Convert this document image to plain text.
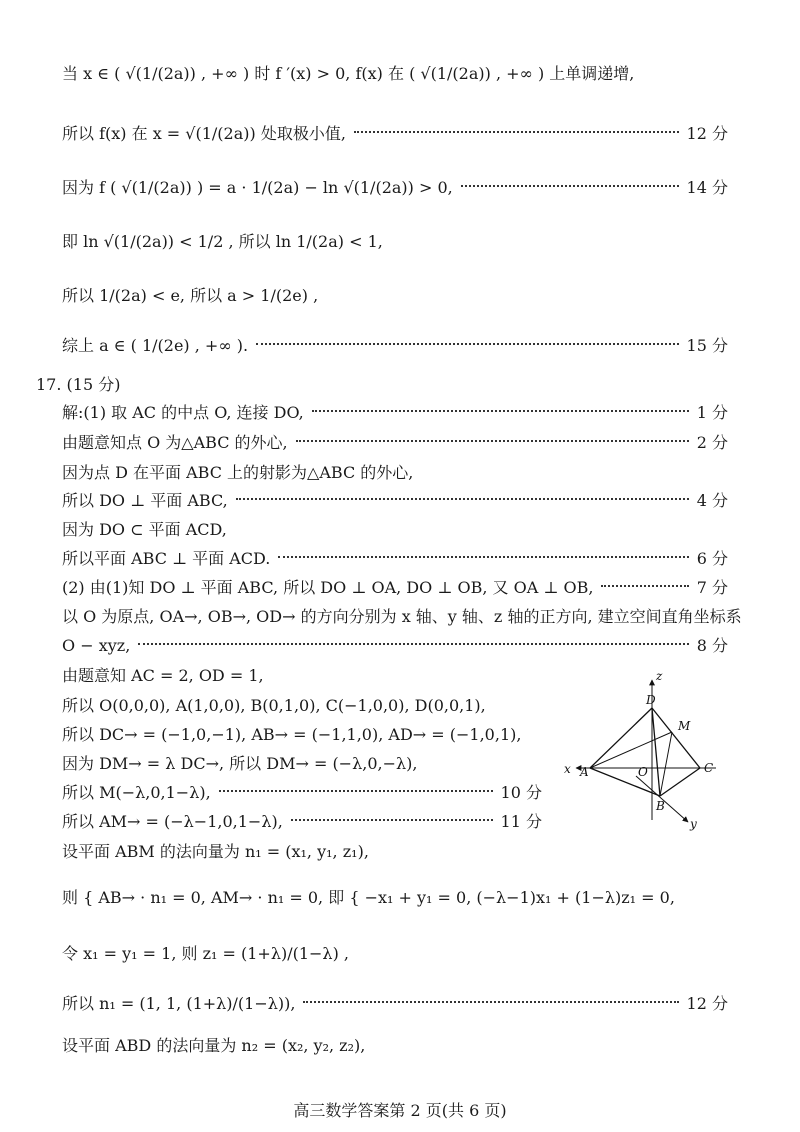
当 x ∈ ( √(1/(2a)) , +∞ ) 时 f ′(x) > 0, f(x) 在 ( √(1/(2a)) , +∞ ) 上单调递增,
所以 f(x) 在 x = √(1/(2a)) 处取极小值,	12 分
因为 f ( √(1/(2a)) ) = a · 1/(2a) − ln √(1/(2a)) > 0,	14 分
即 ln √(1/(2a)) < 1/2 , 所以 ln 1/(2a) < 1,
所以 1/(2a) < e, 所以 a > 1/(2e) ,
综上 a ∈ ( 1/(2e) , +∞ ).	15 分
17. (15 分)
解:(1) 取 AC 的中点 O, 连接 DO,	1 分
由题意知点 O 为△ABC 的外心,	2 分
因为点 D 在平面 ABC 上的射影为△ABC 的外心,
所以 DO ⊥ 平面 ABC,	4 分
因为 DO ⊂ 平面 ACD,
所以平面 ABC ⊥ 平面 ACD.	6 分
(2) 由(1)知 DO ⊥ 平面 ABC, 所以 DO ⊥ OA, DO ⊥ OB, 又 OA ⊥ OB,	7 分
以 O 为原点, OA→, OB→, OD→ 的方向分别为 x 轴、y 轴、z 轴的正方向, 建立空间直角坐标系
O − xyz,	8 分
由题意知 AC = 2, OD = 1,
所以 O(0,0,0), A(1,0,0), B(0,1,0), C(−1,0,0), D(0,0,1),
所以 DC→ = (−1,0,−1), AB→ = (−1,1,0), AD→ = (−1,0,1),
因为 DM→ = λ DC→, 所以 DM→ = (−λ,0,−λ),
所以 M(−λ,0,1−λ),	10 分
所以 AM→ = (−λ−1,0,1−λ),	11 分
设平面 ABM 的法向量为 n₁ = (x₁, y₁, z₁),
则 { AB→ · n₁ = 0, AM→ · n₁ = 0, 即 { −x₁ + y₁ = 0, (−λ−1)x₁ + (1−λ)z₁ = 0,
令 x₁ = y₁ = 1, 则 z₁ = (1+λ)/(1−λ) ,
所以 n₁ = (1, 1, (1+λ)/(1−λ)),	12 分
设平面 ABD 的法向量为 n₂ = (x₂, y₂, z₂),
z
D
M
x A	O	C
B
y
高三数学答案第 2 页(共 6 页)
